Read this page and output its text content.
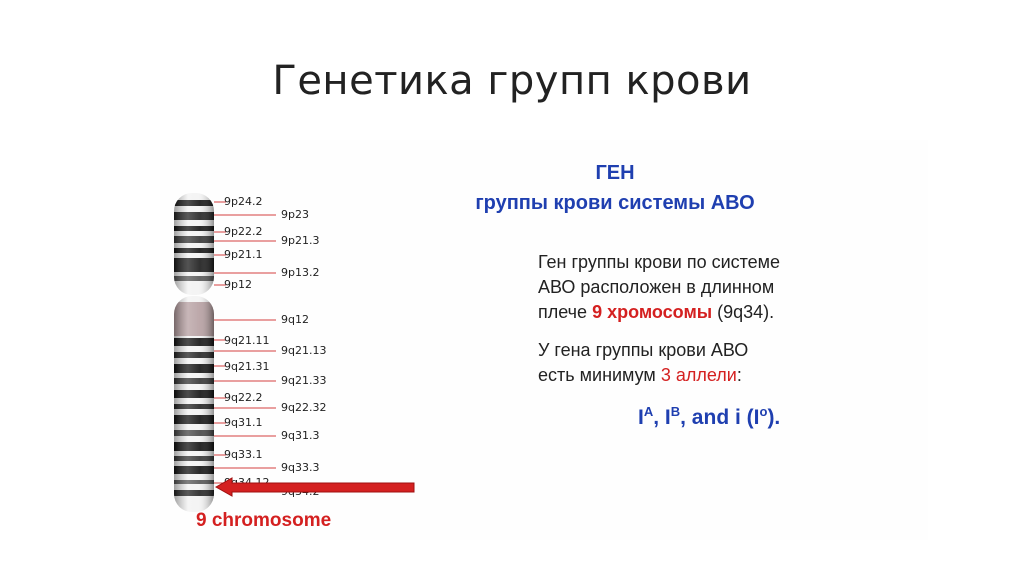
Генетика групп крови
9p24.2
9p22.2
9p21.1
9p12
9q21.11
9q21.31
9q22.2
9q31.1
9q33.1
9p23
9p21.3
9p13.2
9q12
9q21.13
9q21.33
9q22.32
9q31.3
9q33.3
9 chromosome
ГЕН
группы крови системы АВО
Ген группы крови по системе
АВО расположен в длинном
плече 9 хромосомы (9q34).
У гена группы крови АВО
есть минимум 3 аллели:
$I^A$, $I^B$, and i $(I^o)$.
